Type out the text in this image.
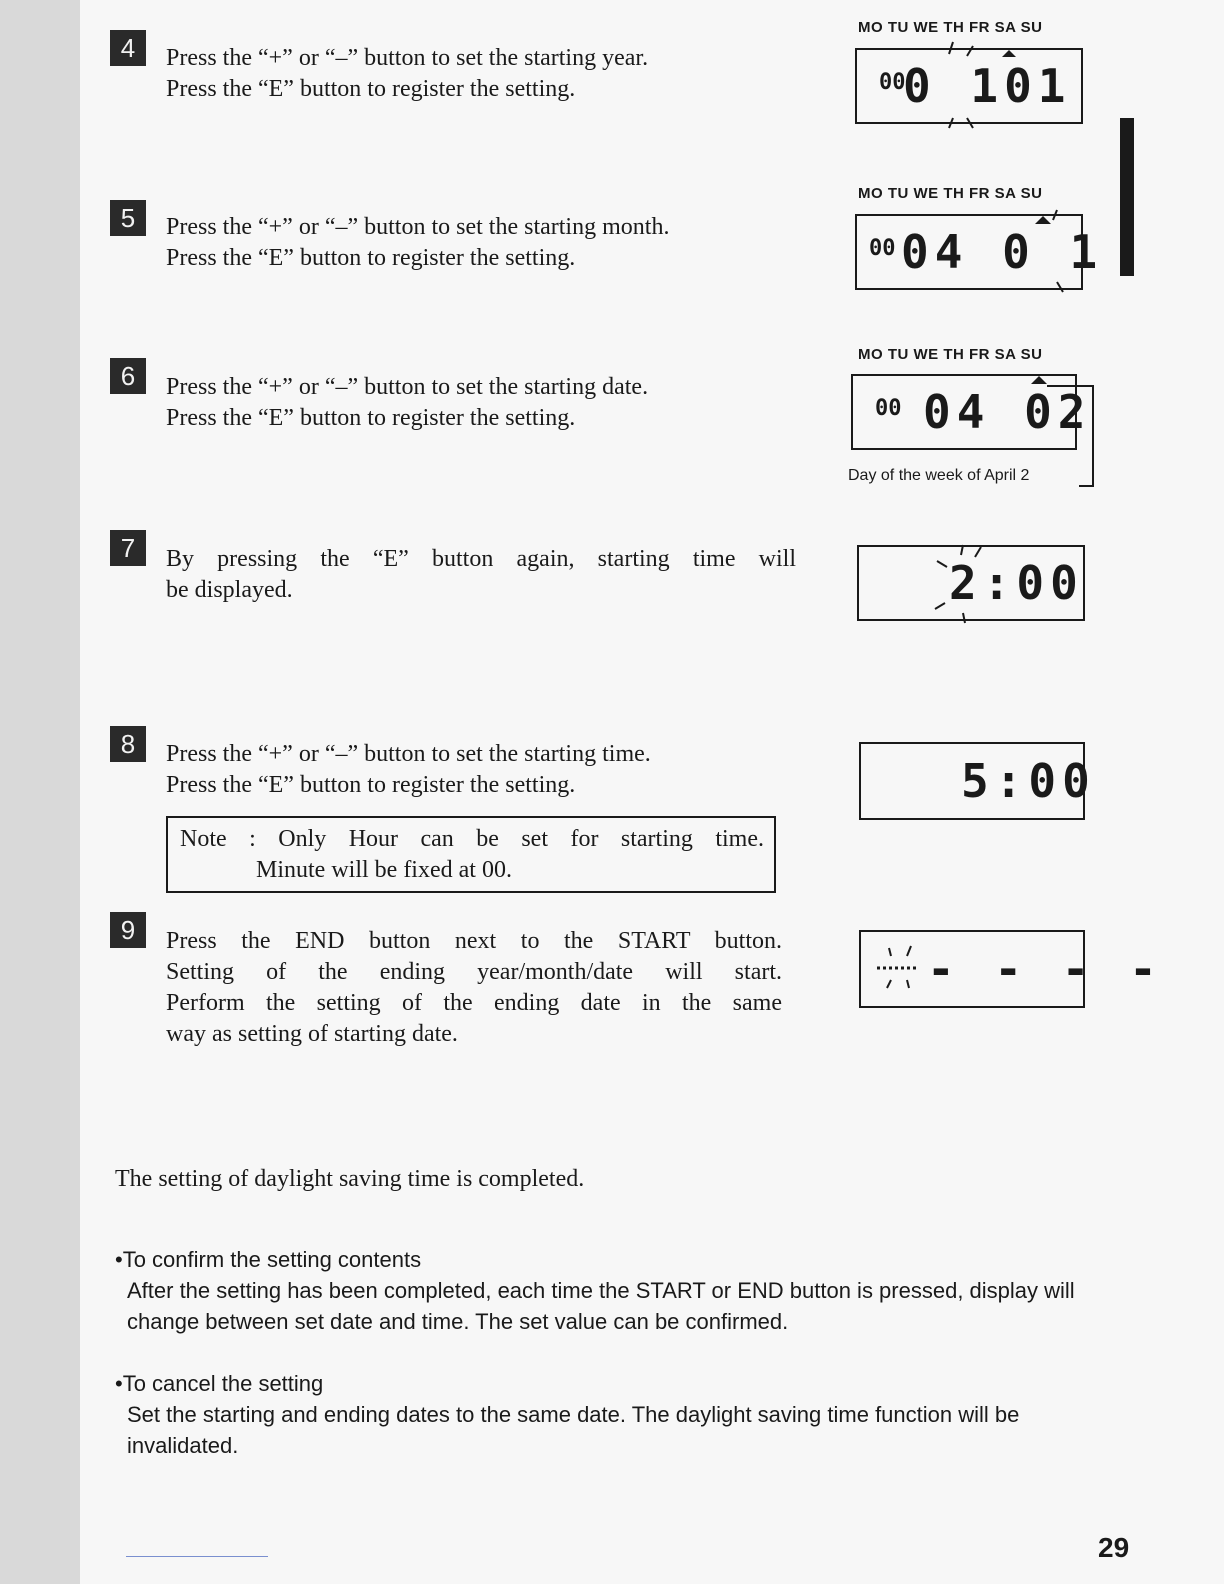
4	Press the “+” or “–” button to set the starting year.
Press the “E” button to register the setting.
MO TU WE TH FR SA SU
00
0 101
5	Press the “+” or “–” button to set the starting month.
Press the “E” button to register the setting.
MO TU WE TH FR SA SU
00 04 0 1
6	Press the “+” or “–” button to set the starting date.
Press the “E” button to register the setting.
MO TU WE TH FR SA SU
00 04 02
Day of the week of April 2
7	By pressing the “E” button again, starting time will
be displayed.	2:00
8	Press the “+” or “–” button to set the starting time.
Press the “E” button to register the setting.	5:00
Note : Only Hour can be set for starting time.
Minute will be fixed at 00.
9	Press the END button next to the START button.
Setting of the ending year/month/date will start.
Perform the setting of the ending date in the same
way as setting of starting date.
- - - -
The setting of daylight saving time is completed.
•To confirm the setting contents
After the setting has been completed, each time the START or END button is pressed, display will change between set date and time. The set value can be confirmed.
•To cancel the setting
Set the starting and ending dates to the same date. The daylight saving time function will be invalidated.
29
